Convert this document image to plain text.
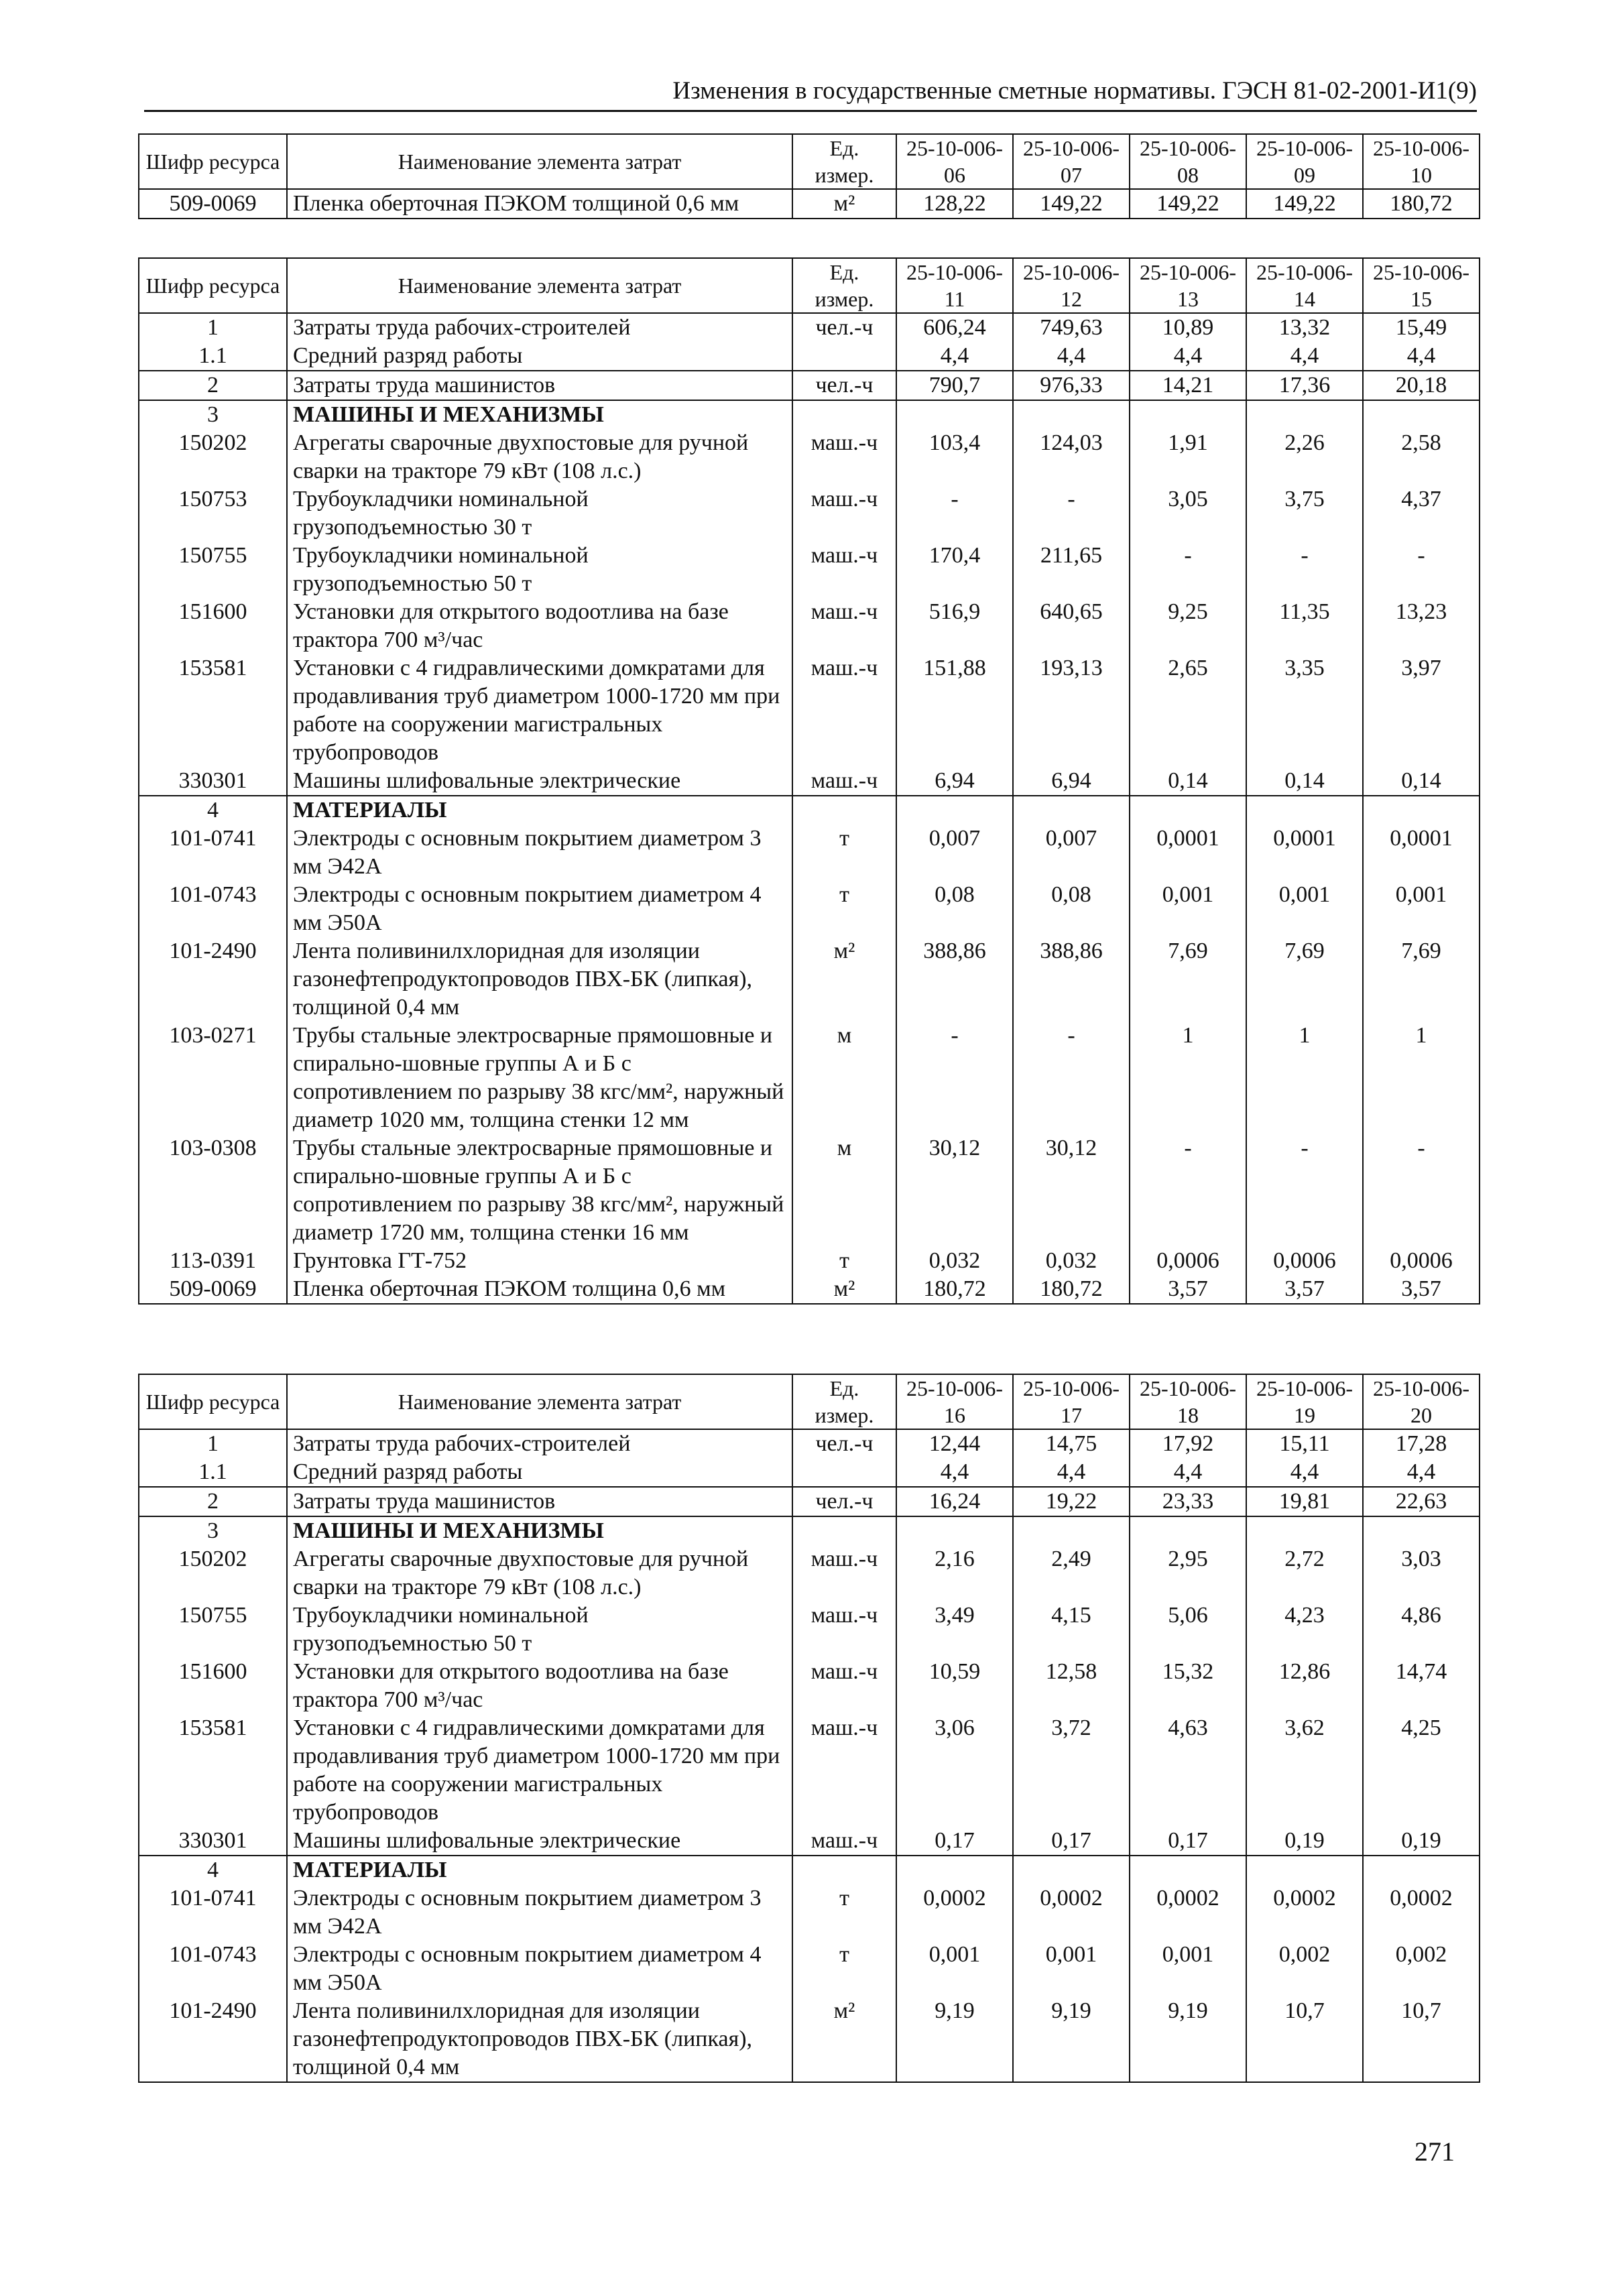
Изменения в государственные сметные нормативы. ГЭСН 81-02-2001-И1(9)
Шифр ресурса	Наименование элемента затрат	Ед. измер.	25-10-006-06	25-10-006-07	25-10-006-08	25-10-006-09	25-10-006-10
509-0069	Пленка оберточная ПЭКОМ толщиной 0,6 мм	м²	128,22	149,22	149,22	149,22	180,72
Шифр ресурса	Наименование элемента затрат	Ед. измер.	25-10-006-11	25-10-006-12	25-10-006-13	25-10-006-14	25-10-006-15
1	Затраты труда рабочих-строителей	чел.-ч	606,24	749,63	10,89	13,32	15,49
1.1	Средний разряд работы		4,4	4,4	4,4	4,4	4,4
2	Затраты труда машинистов	чел.-ч	790,7	976,33	14,21	17,36	20,18
3	МАШИНЫ И МЕХАНИЗМЫ						
150202	Агрегаты сварочные двухпостовые для ручной сварки на тракторе 79 кВт (108 л.с.)	маш.-ч	103,4	124,03	1,91	2,26	2,58
150753	Трубоукладчики номинальной грузоподъемностью 30 т	маш.-ч	-	-	3,05	3,75	4,37
150755	Трубоукладчики номинальной грузоподъемностью 50 т	маш.-ч	170,4	211,65	-	-	-
151600	Установки для открытого водоотлива на базе трактора 700 м³/час	маш.-ч	516,9	640,65	9,25	11,35	13,23
153581	Установки с 4 гидравлическими домкратами для продавливания труб диаметром 1000-1720 мм при работе на сооружении магистральных трубопроводов	маш.-ч	151,88	193,13	2,65	3,35	3,97
330301	Машины шлифовальные электрические	маш.-ч	6,94	6,94	0,14	0,14	0,14
4	МАТЕРИАЛЫ						
101-0741	Электроды с основным покрытием диаметром 3 мм Э42А	т	0,007	0,007	0,0001	0,0001	0,0001
101-0743	Электроды с основным покрытием диаметром 4 мм Э50А	т	0,08	0,08	0,001	0,001	0,001
101-2490	Лента поливинилхлоридная для изоляции газонефтепродуктопроводов ПВХ-БК (липкая), толщиной 0,4 мм	м²	388,86	388,86	7,69	7,69	7,69
103-0271	Трубы стальные электросварные прямошовные и спирально-шовные группы А и Б с сопротивлением по разрыву 38 кгс/мм², наружный диаметр 1020 мм, толщина стенки 12 мм	м	-	-	1	1	1
103-0308	Трубы стальные электросварные прямошовные и спирально-шовные группы А и Б с сопротивлением по разрыву 38 кгс/мм², наружный диаметр 1720 мм, толщина стенки 16 мм	м	30,12	30,12	-	-	-
113-0391	Грунтовка ГТ-752	т	0,032	0,032	0,0006	0,0006	0,0006
509-0069	Пленка оберточная ПЭКОМ толщина 0,6 мм	м²	180,72	180,72	3,57	3,57	3,57
Шифр ресурса	Наименование элемента затрат	Ед. измер.	25-10-006-16	25-10-006-17	25-10-006-18	25-10-006-19	25-10-006-20
1	Затраты труда рабочих-строителей	чел.-ч	12,44	14,75	17,92	15,11	17,28
1.1	Средний разряд работы		4,4	4,4	4,4	4,4	4,4
2	Затраты труда машинистов	чел.-ч	16,24	19,22	23,33	19,81	22,63
3	МАШИНЫ И МЕХАНИЗМЫ						
150202	Агрегаты сварочные двухпостовые для ручной сварки на тракторе 79 кВт (108 л.с.)	маш.-ч	2,16	2,49	2,95	2,72	3,03
150755	Трубоукладчики номинальной грузоподъемностью 50 т	маш.-ч	3,49	4,15	5,06	4,23	4,86
151600	Установки для открытого водоотлива на базе трактора 700 м³/час	маш.-ч	10,59	12,58	15,32	12,86	14,74
153581	Установки с 4 гидравлическими домкратами для продавливания труб диаметром 1000-1720 мм при работе на сооружении магистральных трубопроводов	маш.-ч	3,06	3,72	4,63	3,62	4,25
330301	Машины шлифовальные электрические	маш.-ч	0,17	0,17	0,17	0,19	0,19
4	МАТЕРИАЛЫ						
101-0741	Электроды с основным покрытием диаметром 3 мм Э42А	т	0,0002	0,0002	0,0002	0,0002	0,0002
101-0743	Электроды с основным покрытием диаметром 4 мм Э50А	т	0,001	0,001	0,001	0,002	0,002
101-2490	Лента поливинилхлоридная для изоляции газонефтепродуктопроводов ПВХ-БК (липкая), толщиной 0,4 мм	м²	9,19	9,19	9,19	10,7	10,7
271
